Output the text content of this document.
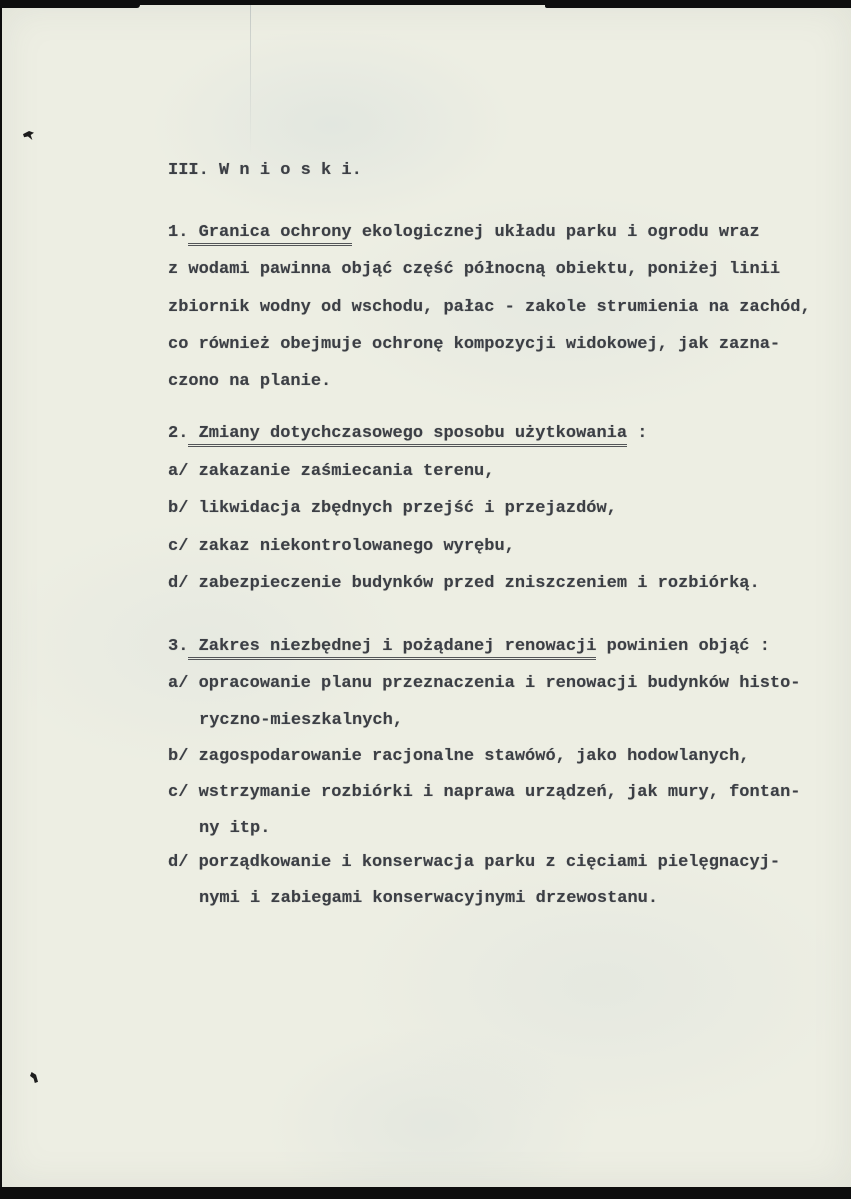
III. W n i o s k i.
1. Granica ochrony ekologicznej układu parku i ogrodu wraz
z wodami pawinna objąć część północną obiektu, poniżej linii
zbiornik wodny od wschodu, pałac - zakole strumienia na zachód,
co również obejmuje ochronę kompozycji widokowej, jak zazna-
czono na planie.
2. Zmiany dotychczasowego sposobu użytkowania :
a/ zakazanie zaśmiecania terenu,
b/ likwidacja zbędnych przejść i przejazdów,
c/ zakaz niekontrolowanego wyrębu,
d/ zabezpieczenie budynków przed zniszczeniem i rozbiórką.
3. Zakres niezbędnej i pożądanej renowacji powinien objąć :
a/ opracowanie planu przeznaczenia i renowacji budynków histo-
ryczno-mieszkalnych,
b/ zagospodarowanie racjonalne stawówó, jako hodowlanych,
c/ wstrzymanie rozbiórki i naprawa urządzeń, jak mury, fontan-
ny itp.
d/ porządkowanie i konserwacja parku z cięciami pielęgnacyj-
nymi i zabiegami konserwacyjnymi drzewostanu.
